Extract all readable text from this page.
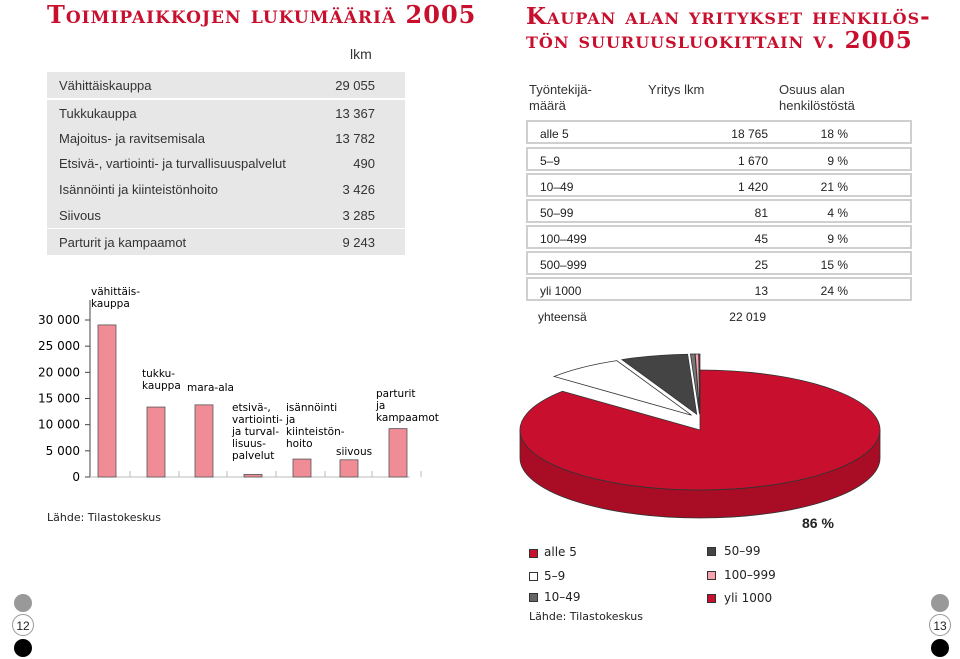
Toimipaikkojen lukumääriä 2005
lkm
Vähittäiskauppa	29 055
Tukkukauppa	13 367
Majoitus- ja ravitsemisala	13 782
Etsivä-, vartiointi- ja turvallisuuspalvelut	490
Isännöinti ja kiinteistönhoito	3 426
Siivous	3 285
Parturit ja kampaamot	9 243
0
5 000
10 000
15 000
20 000
25 000
30 000
vähittäis-
kauppa
tukku-
kauppa mara-ala
etsivä-,
vartiointi-
ja turval-
lisuus-
palvelut
isännöinti
ja
kiinteistön-
hoito
siivous
parturit
ja
kampaamot
Lähde: Tilastokeskus
12
Kaupan alan yritykset henkilös-
tön suuruusluokittain v. 2005
Työntekijä-
määrä
Yritys lkm	Osuus alan
henkilöstöstä
alle 5	18 765	18 %
5–9	1 670	9 %
10–49	1 420	21 %
50–99	81	4 %
100–499	45	9 %
500–999	25	15 %
yli 1000	13	24 %
yhteensä	22 019
86 %
alle 5	50–99
5–9	100–999
10–49	yli 1000
Lähde: Tilastokeskus
13
